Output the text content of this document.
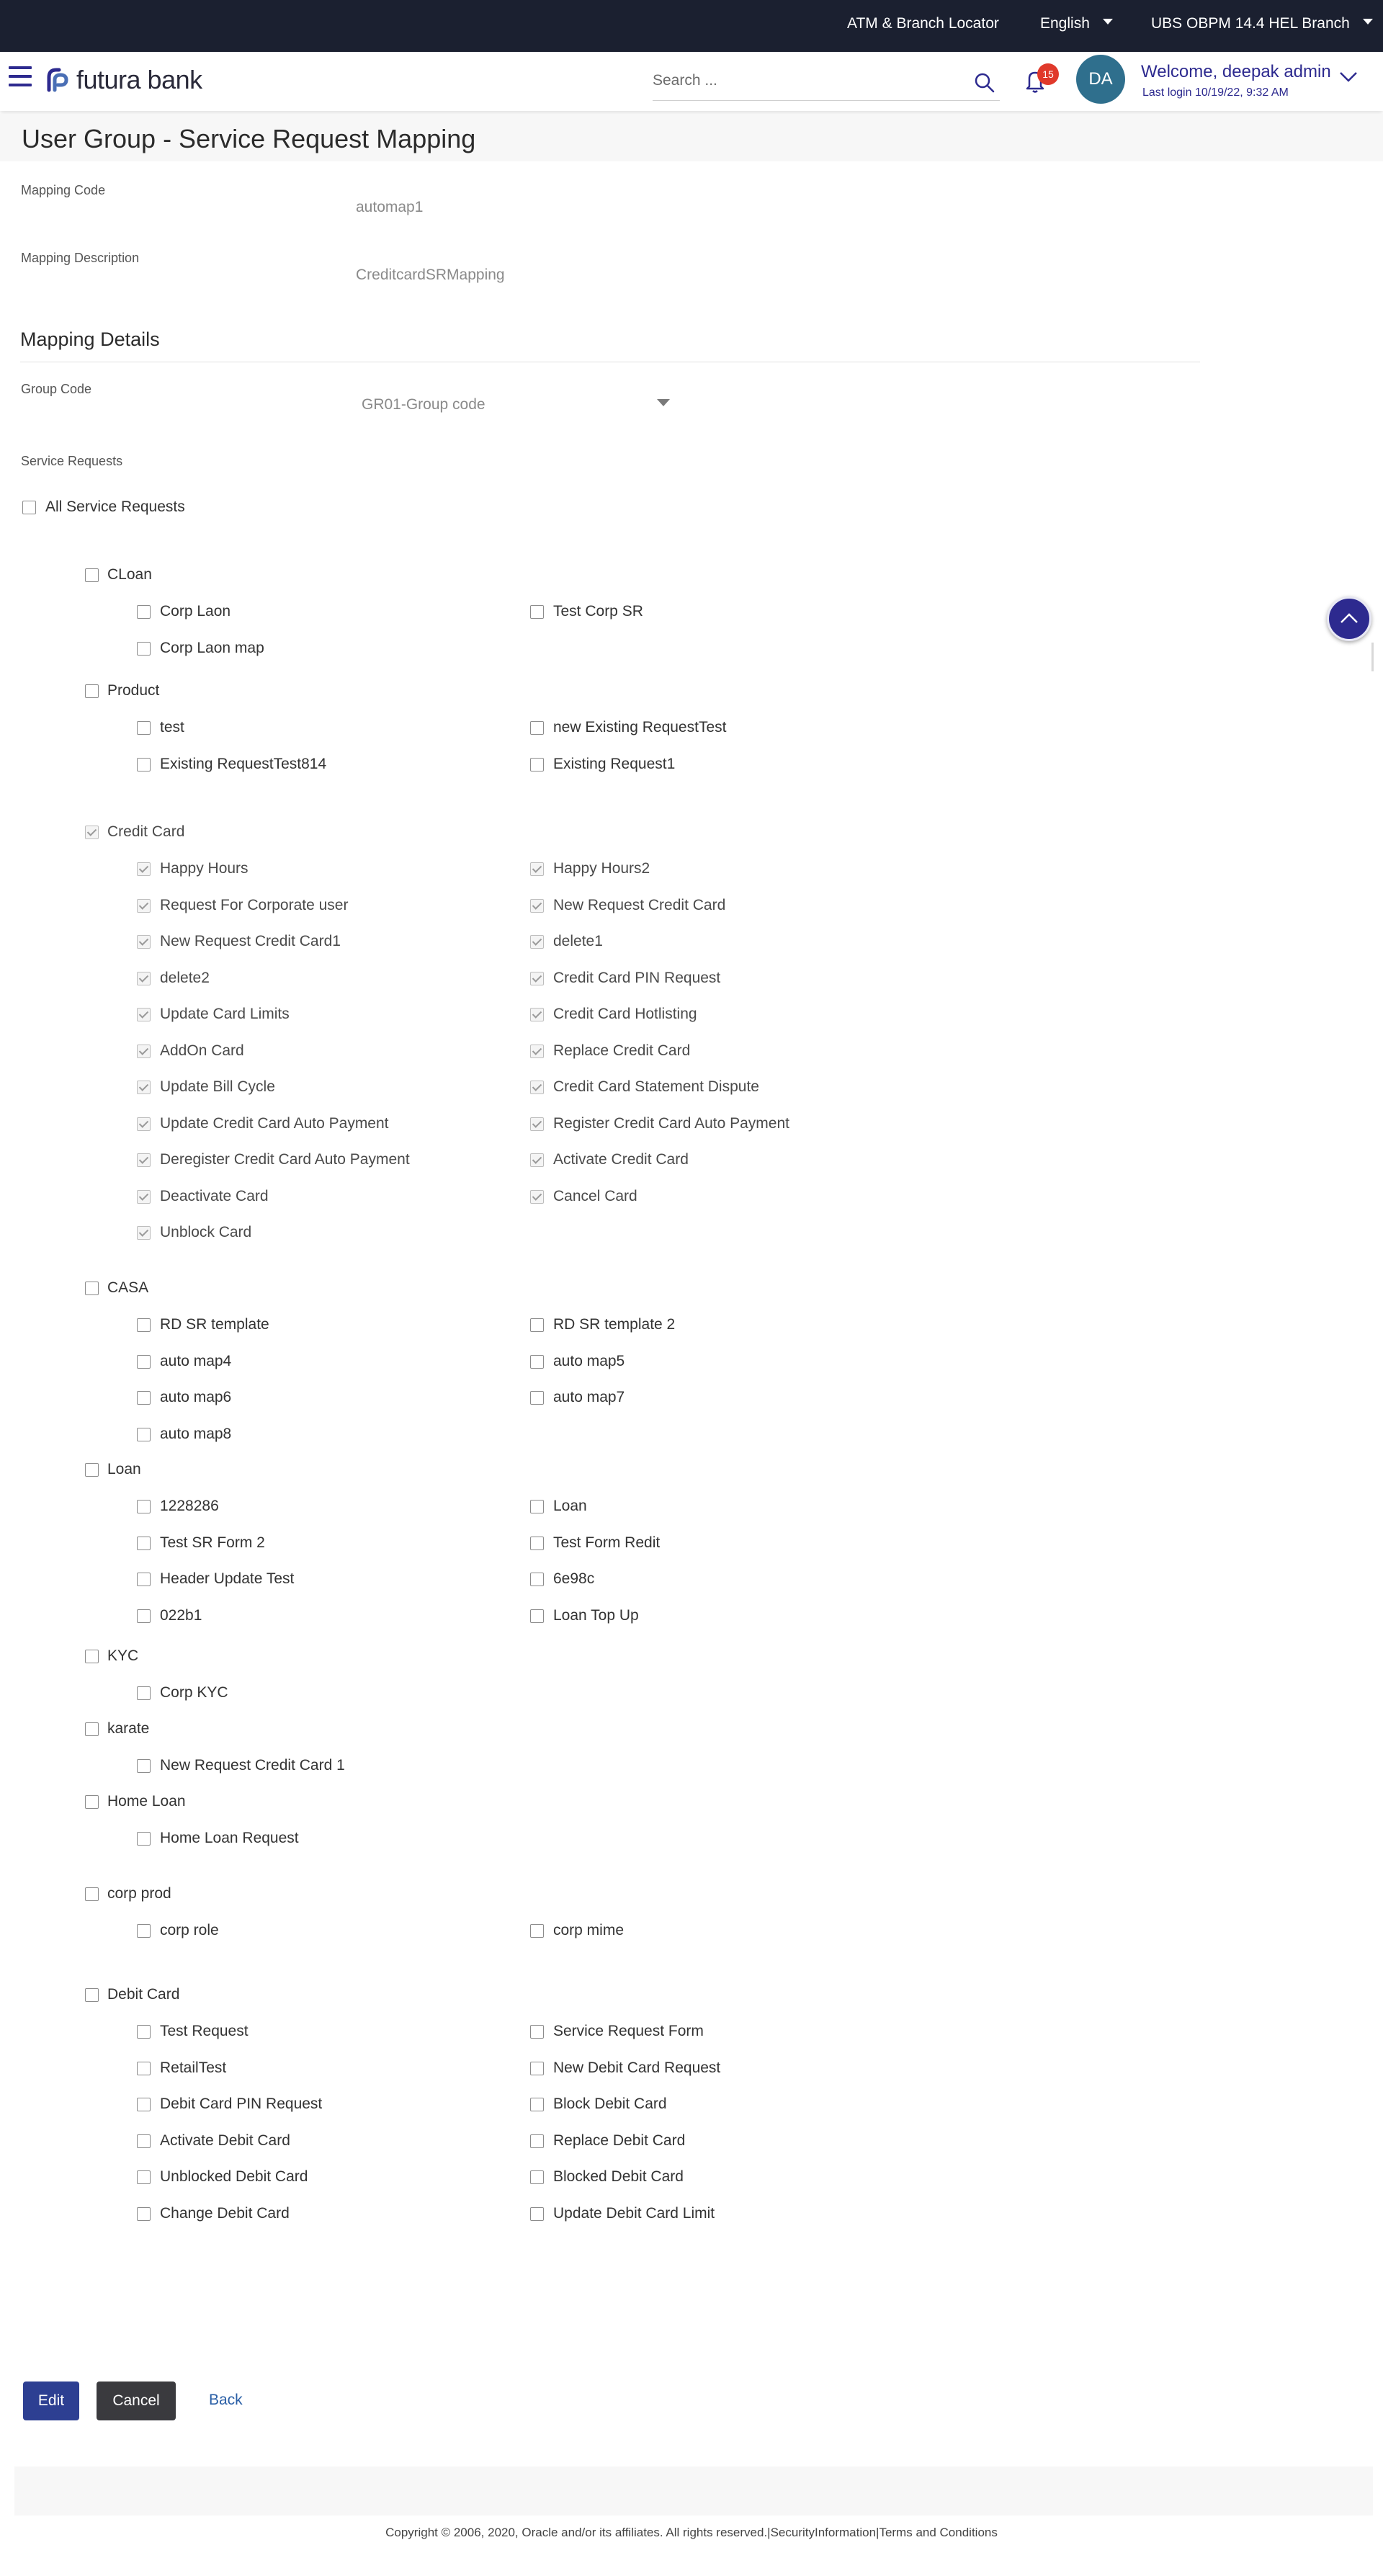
ATM & Branch Locator	English	UBS OBPM 14.4 HEL Branch
futura bank
Search ...	15	DA	Welcome, deepak admin
Last login 10/19/22, 9:32 AM
User Group - Service Request Mapping
Mapping Code
automap1
Mapping Description
CreditcardSRMapping
Mapping Details
Group Code
GR01-Group code
Service Requests
All Service Requests
CLoan
Corp Laon	Test Corp SR
Corp Laon map
Product
test	new Existing RequestTest
Existing RequestTest814	Existing Request1
Credit Card
Happy Hours	Happy Hours2
Request For Corporate user	New Request Credit Card
New Request Credit Card1	delete1
delete2	Credit Card PIN Request
Update Card Limits	Credit Card Hotlisting
AddOn Card	Replace Credit Card
Update Bill Cycle	Credit Card Statement Dispute
Update Credit Card Auto Payment	Register Credit Card Auto Payment
Deregister Credit Card Auto Payment	Activate Credit Card
Deactivate Card	Cancel Card
Unblock Card
CASA
RD SR template	RD SR template 2
auto map4	auto map5
auto map6	auto map7
auto map8
Loan
1228286	Loan
Test SR Form 2	Test Form Redit
Header Update Test	6e98c
022b1	Loan Top Up
KYC
Corp KYC
karate
New Request Credit Card 1
Home Loan
Home Loan Request
corp prod
corp role	corp mime
Debit Card
Test Request	Service Request Form
RetailTest	New Debit Card Request
Debit Card PIN Request	Block Debit Card
Activate Debit Card	Replace Debit Card
Unblocked Debit Card	Blocked Debit Card
Change Debit Card	Update Debit Card Limit
Edit	Cancel	Back
Copyright © 2006, 2020, Oracle and/or its affiliates. All rights reserved.|SecurityInformation|Terms and Conditions
